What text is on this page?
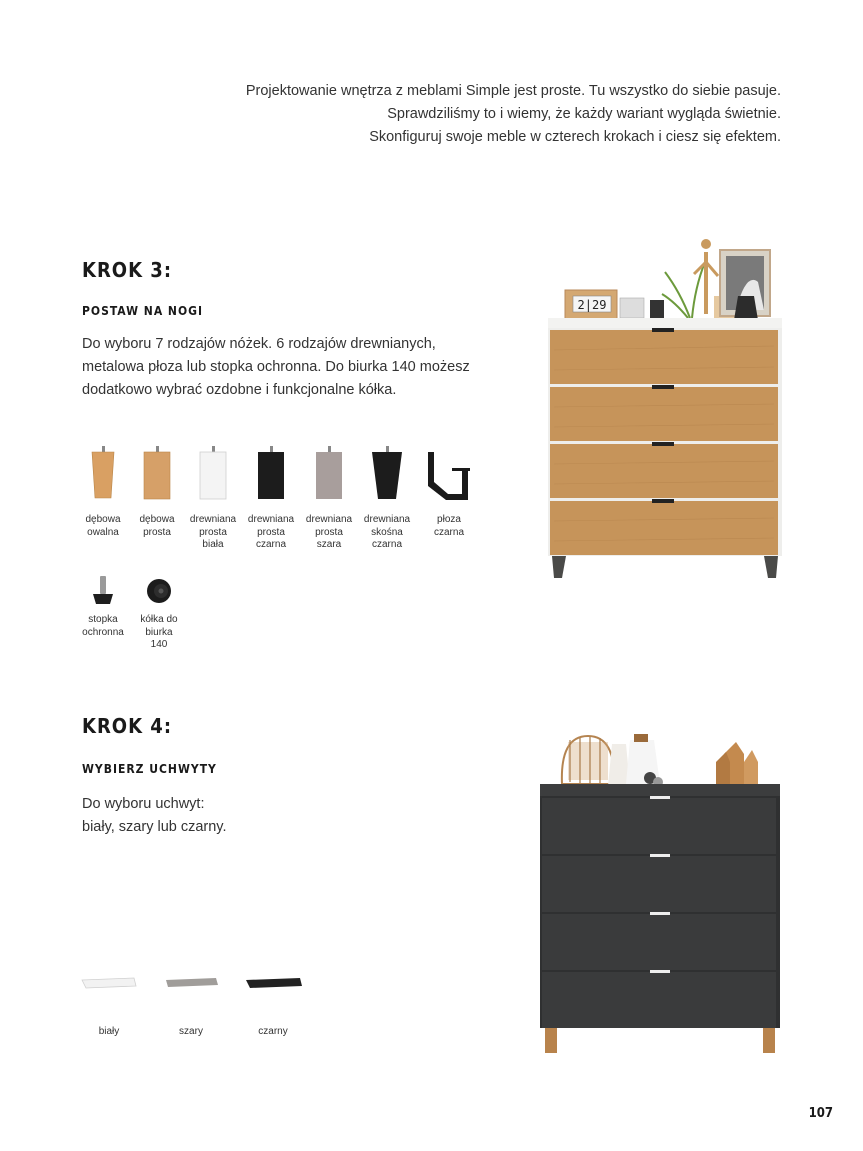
Projektowanie wnętrza z meblami Simple jest proste. Tu wszystko do siebie pasuje.
Sprawdziliśmy to i wiemy, że każdy wariant wygląda świetnie.
Skonfiguruj swoje meble w czterech krokach i ciesz się efektem.
KROK 3:
POSTAW NA NOGI
Do wyboru 7 rodzajów nóżek. 6 rodzajów drewnianych,
metalowa płoza lub stopka ochronna. Do biurka 140 możesz
dodatkowo wybrać ozdobne i funkcjonalne kółka.
dębowa
owalna
dębowa
prosta
drewniana
prosta
biała
drewniana
prosta
czarna
drewniana
prosta
szara
drewniana
skośna
czarna
płoza
czarna
stopka
ochronna
kółka do
biurka
140
2|29
KROK 4:
WYBIERZ UCHWYTY
Do wyboru uchwyt:
biały, szary lub czarny.
biały	szary	czarny
107
